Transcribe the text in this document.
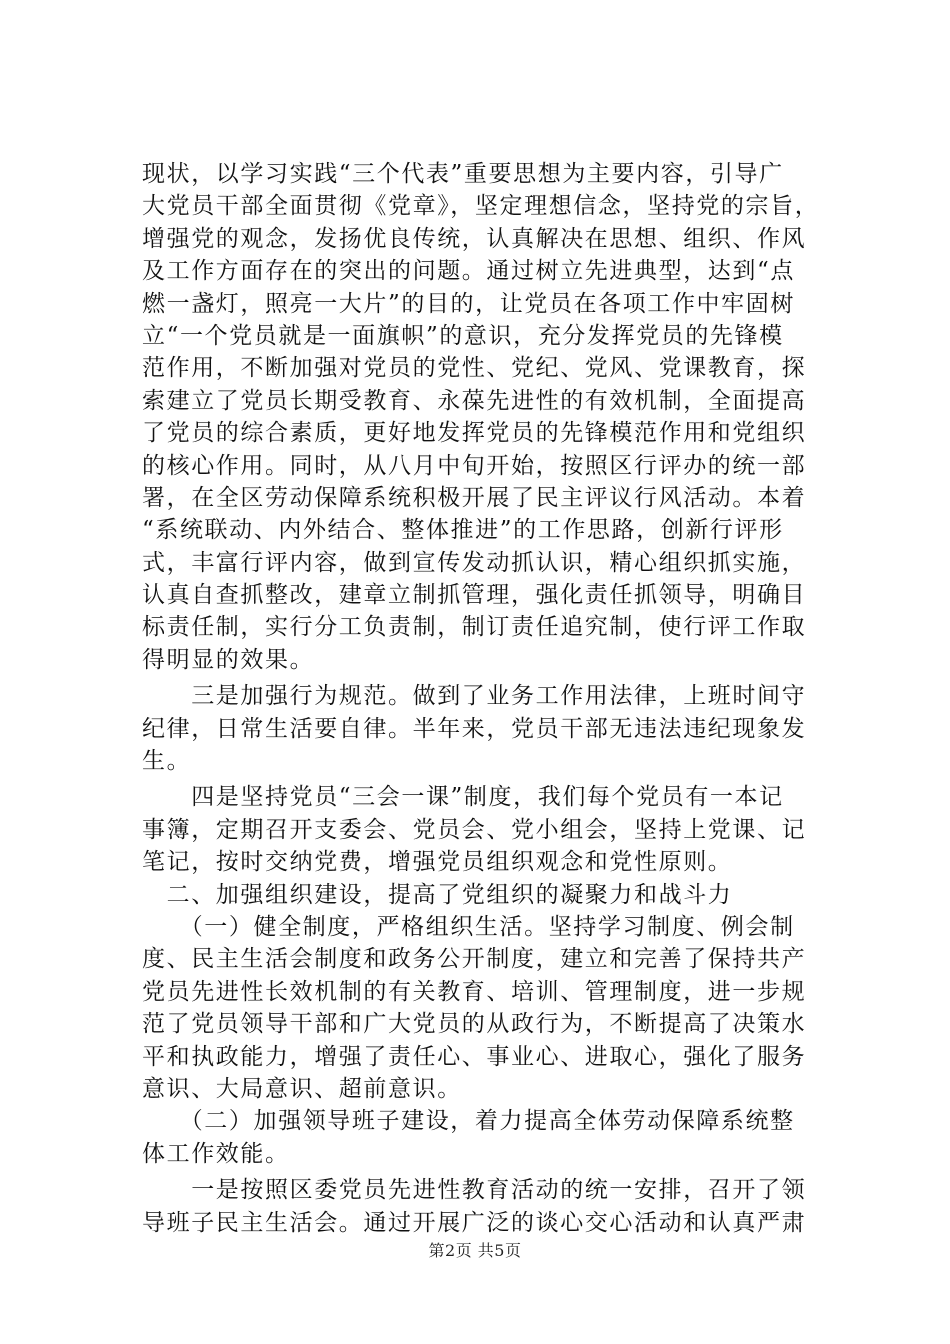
现状，以学习实践“三个代表”重要思想为主要内容，引导广
大党员干部全面贯彻《党章》，坚定理想信念，坚持党的宗旨，
增强党的观念，发扬优良传统，认真解决在思想、组织、作风
及工作方面存在的突出的问题。通过树立先进典型，达到“点
燃一盏灯，照亮一大片”的目的，让党员在各项工作中牢固树
立“一个党员就是一面旗帜”的意识，充分发挥党员的先锋模
范作用，不断加强对党员的党性、党纪、党风、党课教育，探
索建立了党员长期受教育、永葆先进性的有效机制，全面提高
了党员的综合素质，更好地发挥党员的先锋模范作用和党组织
的核心作用。同时，从八月中旬开始，按照区行评办的统一部
署，在全区劳动保障系统积极开展了民主评议行风活动。本着
“系统联动、内外结合、整体推进”的工作思路，创新行评形
式，丰富行评内容，做到宣传发动抓认识，精心组织抓实施，
认真自查抓整改，建章立制抓管理，强化责任抓领导，明确目
标责任制，实行分工负责制，制订责任追究制，使行评工作取
得明显的效果。
　　三是加强行为规范。做到了业务工作用法律，上班时间守
纪律，日常生活要自律。半年来，党员干部无违法违纪现象发
生。
　　四是坚持党员“三会一课”制度，我们每个党员有一本记
事簿，定期召开支委会、党员会、党小组会，坚持上党课、记
笔记，按时交纳党费，增强党员组织观念和党性原则。
　二、加强组织建设，提高了党组织的凝聚力和战斗力
　　（一）健全制度，严格组织生活。坚持学习制度、例会制
度、民主生活会制度和政务公开制度，建立和完善了保持共产
党员先进性长效机制的有关教育、培训、管理制度，进一步规
范了党员领导干部和广大党员的从政行为，不断提高了决策水
平和执政能力，增强了责任心、事业心、进取心，强化了服务
意识、大局意识、超前意识。
　　（二）加强领导班子建设，着力提高全体劳动保障系统整
体工作效能。
　　一是按照区委党员先进性教育活动的统一安排，召开了领
导班子民主生活会。通过开展广泛的谈心交心活动和认真严肃
第2页 共5页
